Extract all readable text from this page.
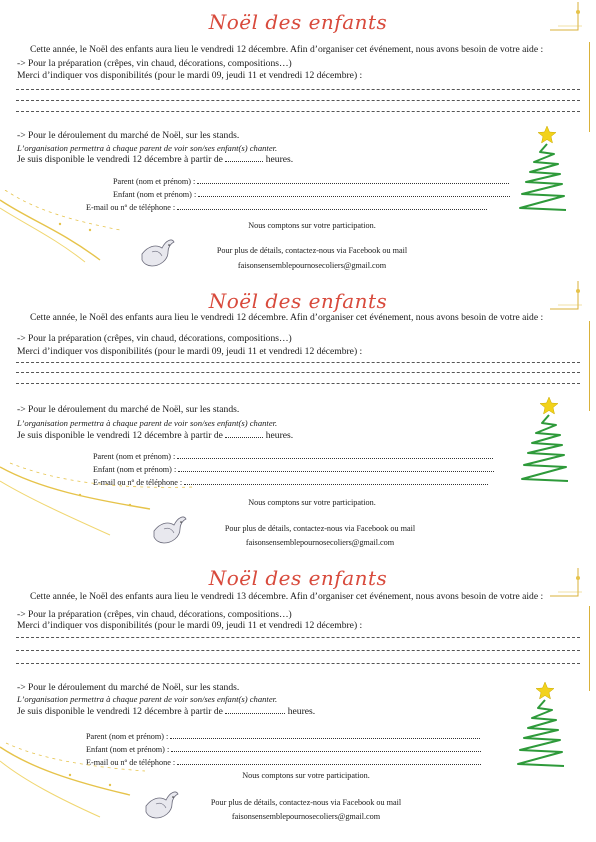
Noël des enfants
Cette année, le Noël des enfants aura lieu le vendredi 12 décembre. Afin d’organiser cet événement, nous avons besoin de votre aide :
-> Pour la préparation (crêpes, vin chaud, décorations, compositions…)
Merci d’indiquer vos disponibilités (pour le mardi 09, jeudi 11 et vendredi 12 décembre) :
-> Pour le déroulement du marché de Noël, sur les stands.
L’organisation permettra à chaque parent de voir son/ses enfant(s) chanter.
Je suis disponible le vendredi 12 décembre à partir de	heures.
Parent (nom et prénom) :
Enfant (nom et prénom) :
E-mail ou nº de téléphone :
Nous comptons sur votre participation.
Pour plus de détails, contactez-nous via Facebook ou mail
faisonsensemblepournosecoliers@gmail.com
Noël des enfants
Cette année, le Noël des enfants aura lieu le vendredi 12 décembre. Afin d’organiser cet événement, nous avons besoin de votre aide :
-> Pour la préparation (crêpes, vin chaud, décorations, compositions…)
Merci d’indiquer vos disponibilités (pour le mardi 09, jeudi 11 et vendredi 12 décembre) :
-> Pour le déroulement du marché de Noël, sur les stands.
L’organisation permettra à chaque parent de voir son/ses enfant(s) chanter.
Je suis disponible le vendredi 12 décembre à partir de	heures.
Parent (nom et prénom) :
Enfant (nom et prénom) :
E-mail ou nº de téléphone :
Nous comptons sur votre participation.
Pour plus de détails, contactez-nous via Facebook ou mail
faisonsensemblepournosecoliers@gmail.com
Noël des enfants
Cette année, le Noël des enfants aura lieu le vendredi 13 décembre. Afin d’organiser cet événement, nous avons besoin de votre aide :
-> Pour la préparation (crêpes, vin chaud, décorations, compositions…)
Merci d’indiquer vos disponibilités (pour le mardi 09, jeudi 11 et vendredi 12 décembre) :
-> Pour le déroulement du marché de Noël, sur les stands.
L’organisation permettra à chaque parent de voir son/ses enfant(s) chanter.
Je suis disponible le vendredi 12 décembre à partir de	heures.
Parent (nom et prénom) :
Enfant (nom et prénom) :
E-mail ou nº de téléphone :
Nous comptons sur votre participation.
Pour plus de détails, contactez-nous via Facebook ou mail
faisonsensemblepournosecoliers@gmail.com
